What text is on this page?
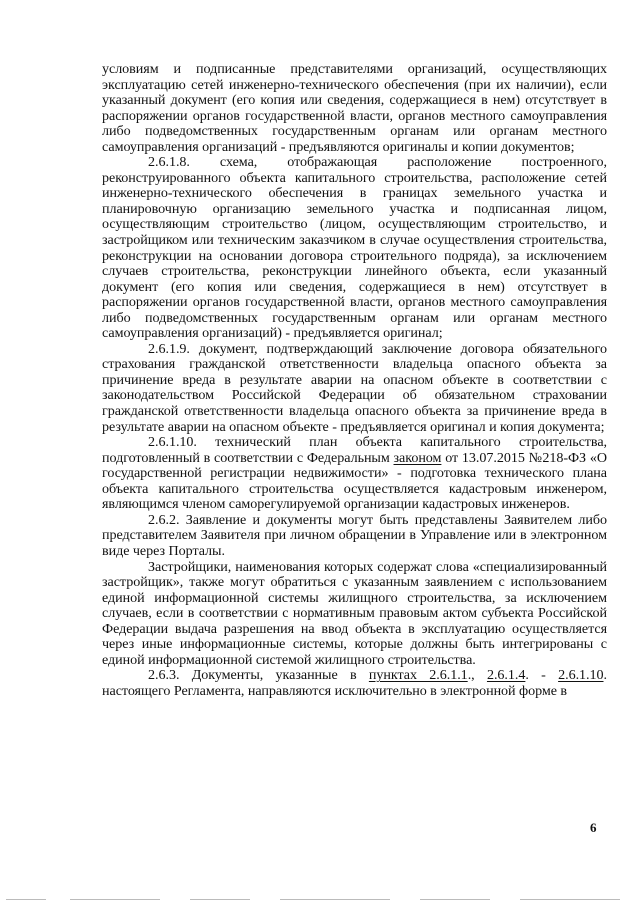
условиям и подписанные представителями организаций, осуществляющих эксплуатацию сетей инженерно-технического обеспечения (при их наличии), если указанный документ (его копия или сведения, содержащиеся в нем) отсутствует в распоряжении органов государственной власти, органов местного самоуправления либо подведомственных государственным органам или органам местного самоуправления организаций - предъявляются оригиналы и копии документов;

2.6.1.8. схема, отображающая расположение построенного, реконструированного объекта капитального строительства, расположение сетей инженерно-технического обеспечения в границах земельного участка и планировочную организацию земельного участка и подписанная лицом, осуществляющим строительство (лицом, осуществляющим строительство, и застройщиком или техническим заказчиком в случае осуществления строительства, реконструкции на основании договора строительного подряда), за исключением случаев строительства, реконструкции линейного объекта, если указанный документ (его копия или сведения, содержащиеся в нем) отсутствует в распоряжении органов государственной власти, органов местного самоуправления либо подведомственных государственным органам или органам местного самоуправления организаций) - предъявляется оригинал;

2.6.1.9. документ, подтверждающий заключение договора обязательного страхования гражданской ответственности владельца опасного объекта за причинение вреда в результате аварии на опасном объекте в соответствии с законодательством Российской Федерации об обязательном страховании гражданской ответственности владельца опасного объекта за причинение вреда в результате аварии на опасном объекте - предъявляется оригинал и копия документа;

2.6.1.10. технический план объекта капитального строительства, подготовленный в соответствии с Федеральным законом от 13.07.2015 №218-ФЗ «О государственной регистрации недвижимости» - подготовка технического плана объекта капитального строительства осуществляется кадастровым инженером, являющимся членом саморегулируемой организации кадастровых инженеров.

2.6.2. Заявление и документы могут быть представлены Заявителем либо представителем Заявителя при личном обращении в Управление или в электронном виде через Порталы.

Застройщики, наименования которых содержат слова «специализированный застройщик», также могут обратиться с указанным заявлением с использованием единой информационной системы жилищного строительства, за исключением случаев, если в соответствии с нормативным правовым актом субъекта Российской Федерации выдача разрешения на ввод объекта в эксплуатацию осуществляется через иные информационные системы, которые должны быть интегрированы с единой информационной системой жилищного строительства.

2.6.3. Документы, указанные в пунктах 2.6.1.1., 2.6.1.4. - 2.6.1.10. настоящего Регламента, направляются исключительно в электронной форме в

6
